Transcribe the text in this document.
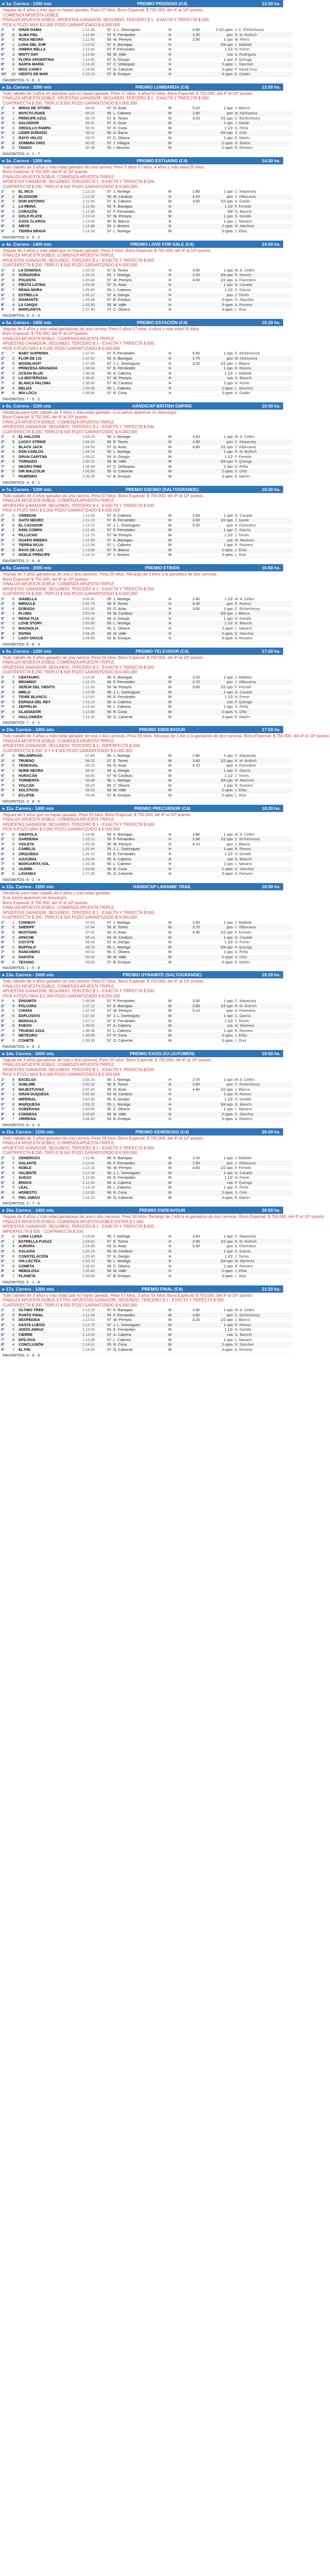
▸ 1a. Carrera - 1200 mts	PREMIO PRODIGIO (C4)	13:20 hs.
Yeguas de 4 años y más que no hayan ganado. Peso 57 kilos, Bono Especial: $ 750.000, del 4º al 10º puesto.
COMIENZA APUESTA DOBLE.
FINALIZA APUESTA DOBLE. APUESTAS GANADOR, SEGUNDO, TERCERO $ 1 - EXACTA Y TRIFECTA $ 500.
PICK 4 POZO MAX $ 5.000 POZO GARANTIZADO $ 6.000.000
1º	5	GRAN DAMA	1:12.34	57	J. L. Dominguez	H	4.60	2 1/2 cpos	J. C. Etchechoury
2º	8	ALMA FIEL	1:12.80	57	E. Fernández	H	3.20	pzo	R. M. Bullrich
3º	2	ROSA NEGRA	1:12.85	55	W. Pereyra	H	2.40	1 cpo	M. Pérez
4º	1	LUNA DEL SUR	1:13.02	57	K. Banegas	H		3/4 cpo	J. Maldotti
5º	9	OMBRA BELLA	1:13.40	57	F. Fernandes	H		1 1/2	N. Ferrer
6º	3	MISTY DAY	1:13.66	55	M. Valle	H		cza	A. Rodríguez
7º	6	FLORA ARGENTINA	1:13.90	57	A. Giorgis	H		1 cpo	P. Quiroga
8º	4	SANTA MARÍA	1:14.20	57	C. Velázquez	H		2 cpos	L. Sánchez
9º	7	MISS CANDY	1:14.66	57	G. Calvente	H		3 cpos	F. Santa Cruz
10º	10	VIENTO DE MAR	1:15.10	57	B. Enrique	H		4 cpos	E. Gaitán
FAVORITOS: 5 - 8 - 2
▸ 2a. Carrera - 1000 mts	PREMIO LOMBARDA (C4)	13:50 hs.
Todo caballo de 3 años en adelante que no hayan ganado. Peso 57 kilos, 3 años 55 kilos. Bono Especial: $ 750.000, del 4º al 10º puesto.
FINALIZA APUESTA DOBLE. APUESTAS GANADOR, SEGUNDO, TERCERO $ 1 - EXACTA Y TRIFECTA $ 500.
CUATRIFECTA $ 200. TRIPLO $ 500 POZO GARANTIZADO $ 6.000.000
1º	4	BRISA DE OTOÑO	58.41	57	O. Arias	M	5.10	1 cpo	J. Blanco
2º	7	INVICTO DUKE	58.62	55	L. Cabrera	M	2.60	pzo	M. Nishiyama
3º	1	PRÍNCIPE AZUL	58.70	57	E. Torres	M	3.10	1/2 cpo	C. Etchechoury
4º	9	SALVADOR	58.91	57	S. Sosa	M		1 cpo	J. Garde
5º	3	ORGULLO PAMPA	59.20	57	R. Coria	M		1 1/2	D. Peña
6º	6	LÍDER DORADO	59.41	55	A. Ibarra	M		3/4 cpo	S. Ortiz
7º	2	RAYO VELOZ	59.72	57	C. Olivera	M		1 cpo	E. Martín
8º	8	SOMBRA GRIS	60.05	57	J. Villagra	M		2 cpos	G. Bueno
9º	5	TANGO	60.38	55	I. Monzón	M		2 cpos	R. Romero
FAVORITOS: 4 - 1 - 7
▸ 3a. Carrera - 1200 mts	PREMIO ESTUARIO (C4)	14:20 hs.
Todo caballo de 3 años y más edad ganador de una carrera. Peso 5 años 57 kilos, 4 años y más edad 55 kilos.
Bono Especial: $ 750.000, del 4º al 10º puesto.
FINALIZA APUESTA DOBLE. COMIENZA APUESTA TRIPLE.
APUESTAS GANADOR, SEGUNDO, TERCERO $ 1 - EXACTA Y TRIFECTA $ 500.
CUATRIFECTA $ 200. TRIPLO $ 500 POZO GARANTIZADO $ 6.000.000
1º	6	EL INCA	1:12.10	57	J. Noriega	M	2.80	1 cpo	C. Mayansky
2º	2	BLOSSOM	1:12.32	55	M. Cardozo	H	4.10	pzo	J. Villanueva
3º	9	DON ANTONIO	1:12.40	57	A. Cabrera	M	3.50	1/2 cpo	A. Gaitán
4º	1	LA REINA	1:12.66	55	K. Banegas	H		1 1/2	F. Ferriolo
5º	5	CORAZÓN	1:12.90	57	F. Fernandes	M		3/4	G. Bianchi
6º	4	GOLD PLATE	1:13.14	57	W. Pereyra	M		1 cpo	N. Gentile
7º	7	OJOS CLAROS	1:13.40	55	R. Blanco	H		1 cpo	L. Navarro
8º	8	NIEVE	1:13.88	55	J. Alvarez	H		2 cpos	M. Martínez
9º	3	TIERRA BRAVA	1:14.30	57	L. Noriega	M		3 cpos	J. Elías
FAVORITOS: 6 - 9 - 2
▸ 4a. Carrera - 1400 mts	PREMIO LOVE FOR SALE (C4)	14:50 hs.
Yeguas de 3 años y más edad que no hayan ganado. Peso 5 kilos. Bono Especial: $ 750.000, del 4º al 10º puesto.
FINALIZA APUESTA DOBLE. COMIENZA APUESTA TRIPLE.
APUESTAS GANADOR, SEGUNDO, TERCERO $ 1 - EXACTA Y TRIFECTA $ 500.
CUATRIFECTA $ 200. TRIPLO $ 500 POZO GARANTIZADO $ 6.000.000
1º	3	LA DOMADA	1:25.02	57	E. Torres	H	3.90	1 cpo	M. A. Cellini
2º	5	SOÑADORA	1:25.24	55	J. Noriega	H	2.20	3/4 cpo	R. Ramos
3º	8	POLENTA	1:25.40	57	W. Pereyra	H	4.60	1/2 cpo	A. Fiorentino
4º	1	FIESTA LATINA	1:25.66	57	O. Arias	H		1 cpo	G. Casado
5º	7	REINA MORA	1:25.90	55	L. Cabrera	H		1 1/2	C. García
6º	2	ESTRELLA	1:26.12	57	A. Giorgis	H		pzo	J. Torres
7º	6	DIAMANTE	1:26.44	57	B. Enrique	H		2 cpos	D. Sánchez
8º	4	LA CHIQUI	1:26.90	55	M. Valle	H		3 cpos	A. Romero
9º	9	MARGARITA	1:27.40	57	C. Olivera	H		4 cpos	L. Ruiz
FAVORITOS: 3 - 5 - 8
▸ 5a. Carrera - 1600 mts	PREMIO ESTACIÓN (C4)	15:20 hs.
Yeguas de 4 años y más edad ganadoras de una carrera. Peso 5 años 57 kilos, 4 años y más edad 55 kilos.
Bono Especial: $ 750.000, del 4º al 10º puesto.
FINALIZA APUESTA DOBLE. COMIENZA APUESTA TRIPLE.
APUESTAS GANADOR, SEGUNDO, TERCERO $ 1 - EXACTA Y TRIFECTA $ 500.
PICK 4 POZO MAX $ 5.000 POZO GARANTIZADO $ 6.000.000
1º	7	BABY SUPREMA	1:37.41	57	F. Fernandes	H	5.40	1 cpo	C. Etchechoury
2º	2	FLOR DE LIS	1:37.62	55	K. Banegas	H	2.70	pzo	M. Nishiyama
3º	5	MOONLIGHT	1:37.80	57	J. L. Dominguez	H	3.20	1/2 cpo	J. Blanco
4º	1	PRINCESA GRANADA	1:38.04	57	E. Fernández	H		1 cpo	R. Ramos
5º	9	OCEAN BLUE	1:38.30	55	A. Cabrera	H		1 1/2	J. Maldotti
6º	3	LA MISTERIOSA	1:38.61	57	W. Pereyra	H		cza	G. Bianchi
7º	6	BLANCA PALOMA	1:38.90	57	M. Cardozo	H		1 cpo	N. Ferrer
8º	4	BELIZA	1:39.30	55	L. Cabrera	H		2 cpos	L. Sánchez
9º	8	MÍA LOCA	1:39.80	57	R. Coria	H		3 cpos	A. Gaitán
FAVORITOS: 7 - 5 - 2
▸ 6a. Carrera - 1100 mts	HÁNDICAP BRITISH EMPIRE	15:50 hs.
Hándicap para todo caballo de 4 años y más edad ganador. (Los pesos aparecen en descargo).
Bono Especial: $ 750.000, del 4º al 10º puesto.
FINALIZA APUESTA DOBLE. COMIENZA APUESTA TRIPLE.
APUESTAS GANADOR, SEGUNDO, TERCERO $ 1 - EXACTA Y TRIFECTA $ 500.
CUATRIFECTA $ 200. TRIPLO $ 500 POZO GARANTIZADO $ 6.000.000
1º	4	EL HALCÓN	1:04.20	58	J. Noriega	M	3.40	1 cpo	M. A. Cellini
2º	8	LUCKY STRIKE	1:04.42	56	E. Torres	M	2.90	pzo	C. Mayansky
3º	1	BLACK JACK	1:04.50	57	O. Arias	M	4.80	1/2 cpo	J. Villanueva
4º	6	DON CARLOS	1:04.74	55	L. Noriega	M		1 cpo	R. M. Bullrich
5º	3	GRAN CAPITÁN	1:05.01	54	A. Giorgis	M		1 1/2	F. Ferriolo
6º	9	TORNADO	1:05.22	56	M. Valle	M		3/4 cpo	P. Quiroga
7º	2	NEGRO PIBE	1:05.48	57	C. Velázquez	M		1 cpo	D. Peña
8º	5	SIR MALCOLM	1:05.90	55	G. Calvente	M		2 cpos	S. Ortiz
9º	7	PAMPERO	1:06.30	57	B. Enrique	M		3 cpos	E. Martín
FAVORITOS: 4 - 8 - 1
▸ 7a. Carrera - 1200 mts	PREMIO ENCINO (SALTOGRANDE)	16:20 hs.
Todo caballo de 4 años ganador de una carrera. Peso 57 kilos. Bono Especial: $ 750.000, del 4º al 10º puesto.
FINALIZA APUESTA DOBLE. COMIENZA APUESTA TRIPLE.
APUESTAS GANADOR, SEGUNDO, TERCERO $ 1 - EXACTA Y TRIFECTA $ 500.
PICK 4 POZO MAX $ 5.000 POZO GARANTIZADO $ 6.000.000
1º	2	CRIMSON	1:11.92	57	A. Cabrera	M	2.60	1 cpo	G. Casado
2º	6	GATO NEGRO	1:12.13	57	E. Fernández	M	3.90	1/2 cpo	J. Garde
3º	9	EL CAZADOR	1:12.21	57	J. L. Dominguez	M	5.20	pzo	A. Fiorentino
4º	1	KING COBRA	1:12.46	57	F. Fernandes	M		1 cpo	C. García
5º	4	PILLUCHO	1:12.70	57	W. Pereyra	M		1 1/2	J. Torres
6º	7	GUAPO RIBERA	1:12.99	57	K. Banegas	M		cza	M. Martínez
7º	3	TIERRA ROJA	1:13.30	57	L. Cabrera	M		1 cpo	R. Romero
8º	8	RAYO DE LUZ	1:13.66	57	R. Blanco	M		2 cpos	J. Elías
9º	5	NOBLE PRÍNCIPE	1:14.10	57	J. Alvarez	M		3 cpos	L. Ruiz
FAVORITOS: 2 - 6 - 9
▸ 8a. Carrera - 2000 mts	PREMIO ETIKEN	16:50 hs.
Yeguas de 3 años ganadoras de una o dos carreras. Peso 55 kilos. Recargo de 3 kilos a la ganadora de dos carreras.
Bono Especial: $ 750.000, del 4º al 10º puesto.
FINALIZA APUESTA DOBLE. COMIENZA APUESTA TRIPLE.
APUESTAS GANADOR, SEGUNDO, TERCERO $ 1 - EXACTA Y TRIFECTA $ 500.
CUATRIFECTA $ 200. TRIPLO $ 500 POZO GARANTIZADO $ 6.000.000
1º	5	ISABELLA	2:02.41	55	J. Noriega	H	2.40	1 1/2	M. A. Cellini
2º	3	MIRACLE	2:02.73	58	E. Torres	H	4.30	pzo	R. Ramos
3º	8	DORADA	2:02.80	55	O. Arias	H	3.60	1 cpo	C. Etchechoury
4º	1	PLUMA	2:03.04	55	M. Cardozo	H		3/4 cpo	J. Blanco
5º	6	REINA FIJA	2:03.30	58	A. Giorgis	H		1 cpo	N. Gentile
6º	2	LOVE STORY	2:03.66	55	L. Noriega	H		1 1/2	G. Bianchi
7º	9	MAGNOLIA	2:04.01	55	C. Olivera	H		2 cpos	L. Navarro
8º	4	DIVINA	2:04.40	55	M. Valle	H		2 cpos	D. Sánchez
9º	7	LADY GRACE	2:04.90	55	B. Enrique	H		3 cpos	A. Romero
FAVORITOS: 5 - 8 - 3
▸ 9a. Carrera - 1200 mts	PREMIO TELEVISOR (C4)	17:20 hs.
Todo caballo de 3 años ganador de una carrera. Peso 56 kilos. Bono Especial: $ 750.000, del 4º al 10º puesto.
FINALIZA APUESTA DOBLE. COMIENZA APUESTA TRIPLE.
APUESTAS GANADOR, SEGUNDO, TERCERO $ 1 - EXACTA Y TRIFECTA $ 500.
CUATRIFECTA $ 200. TRIPLO $ 500 POZO GARANTIZADO $ 6.000.000
1º	7	CENTAURO	1:12.02	56	K. Banegas	M	3.10	1 cpo	J. Maldotti
2º	4	BRAMIDO	1:12.23	56	F. Fernandes	M	2.70	pzo	J. Villanueva
3º	1	SEÑOR DEL VIENTO	1:12.30	56	W. Pereyra	M	5.60	1/2 cpo	F. Ferriolo
4º	9	MIRLO	1:12.55	56	J. L. Dominguez	M		1 cpo	G. Casado
5º	2	TIGRE BLANCO	1:12.81	56	E. Fernández	M		1 1/2	N. Ferrer
6º	5	ESPADA DEL REY	1:13.10	56	A. Cabrera	M		cza	P. Quiroga
7º	8	ZEPPELIN	1:13.44	56	L. Cabrera	M		1 cpo	D. Peña
8º	6	GLADIADOR	1:13.80	56	R. Coria	M		2 cpos	S. Ortiz
9º	3	HALLOWEEN	1:14.30	56	G. Calvente	M		3 cpos	E. Martín
FAVORITOS: 7 - 4 - 1
▸ 10a. Carrera - 1000 mts	PREMIO ENDEAVOUR	17:50 hs.
Todo caballo de 4 años y más edad ganador de una o dos carreras. Peso 56 kilos. Recargo de 1 kilo a la ganadora de dos carreras. Bono Especial: $ 750.000, del 4º al 10º puesto.
FINALIZA APUESTA DOBLE. COMIENZA APUESTA TRIPLE.
APUESTAS GANADOR, SEGUNDO, TERCERO $ 1 - IMPERFECTA $ 500.
CUATRIFECTA $ 200. S Y 6 $ 500 POZO GARANTIZADO $ 6.000.000
1º	3	RELÁMPAGO	57.80	56	J. Noriega	M	2.90	1 cpo	C. Mayansky
2º	8	TRUENO	58.02	57	E. Torres	M	3.40	1/2 cpo	R. M. Bullrich
3º	5	VENDAVAL	58.10	56	O. Arias	M	4.70	pzo	A. Fiorentino
4º	1	NUBE NEGRA	58.31	56	A. Giorgis	M		1 cpo	C. García
5º	6	HURACÁN	58.60	57	M. Cardozo	M		1 1/2	J. Torres
6º	2	TORMENTA	58.88	56	L. Noriega	M		3/4 cpo	M. Martínez
7º	9	VOLCÁN	59.20	56	C. Olivera	M		1 cpo	R. Romero
8º	4	SOLSTICIO	59.55	56	M. Valle	M		2 cpos	J. Elías
9º	7	ECLIPSE	59.90	57	B. Enrique	M		2 cpos	L. Ruiz
FAVORITOS: 3 - 8 - 5
▸ 11a. Carrera - 1400 mts	PREMIO PRECURSOR (C4)	18:20 hs.
Yeguas de 3 años que no hayan ganado. Peso 55 kilos. Bono Especial: $ 750.000, del 4º al 10º puesto.
FINALIZA APUESTA DOBLE. COMIENZA APUESTA TRIPLE.
APUESTAS GANADOR, SEGUNDO, TERCERO $ 1 - EXACTA Y TRIFECTA $ 500.
PICK 4 POZO MAX $ 5.000 POZO GARANTIZADO $ 6.000.000
1º	6	AMAPOLA	1:24.90	55	K. Banegas	H	3.80	1 cpo	M. A. Cellini
2º	2	GARDENIA	1:25.11	55	F. Fernandes	H	2.30	1/2 cpo	C. Etchechoury
3º	9	VIOLETA	1:25.20	55	W. Pereyra	H	4.10	pzo	J. Blanco
4º	1	CAMELIA	1:25.44	55	J. L. Dominguez	H		1 cpo	R. Ramos
5º	4	ORQUÍDEA	1:25.70	55	E. Fernández	H		1 1/2	N. Gentile
6º	7	AZUCENA	1:26.00	55	A. Cabrera	H		cza	G. Bianchi
7º	3	MARGARITA SOL	1:26.34	55	L. Cabrera	H		1 cpo	L. Navarro
8º	5	JAZMÍN	1:26.80	55	R. Coria	H		2 cpos	D. Sánchez
9º	8	LAVANDA	1:27.30	55	G. Calvente	H		3 cpos	A. Romero
FAVORITOS: 6 - 2 - 9
▸ 12a. Carrera - 1000 mts	HÁNDICAP LARAMIE TRAIL	18:50 hs.
Hándicap para todo caballo de 4 años y más edad ganador.
(Los pesos aparecen en descargo).
Bono Especial: $ 750.000, del 4º al 10º puesto.
FINALIZA APUESTA DOBLE. COMIENZA APUESTA TRIPLE.
APUESTAS GANADOR, SEGUNDO, TERCERO $ 1 - EXACTA Y TRIFECTA $ 500.
CUATRIFECTA $ 200. TRIPLO $ 500 POZO GARANTIZADO $ 6.000.000
1º	1	COWBOY	57.62	57	J. Noriega	M	2.50	1 cpo	J. Maldotti
2º	5	SHERIFF	57.84	55	E. Torres	M	3.70	pzo	J. Villanueva
3º	8	MUSTANG	57.91	56	O. Arias	M	4.90	1/2 cpo	F. Ferriolo
4º	3	APACHE	58.14	54	M. Cardozo	M		1 cpo	G. Casado
5º	7	COYOTE	58.40	57	A. Giorgis	M		1 1/2	N. Ferrer
6º	2	BUFFALO	58.70	55	L. Noriega	M		3/4 cpo	P. Quiroga
7º	9	RANCHERO	59.01	56	C. Olivera	M		1 cpo	D. Peña
8º	4	DAKOTA	59.40	55	M. Valle	M		2 cpos	S. Ortiz
9º	6	TEXANO	59.80	57	B. Enrique	M		3 cpos	E. Martín
FAVORITOS: 1 - 5 - 8
▸ 13a. Carrera - 1600 mts	PREMIO DYNAMITE (SALTOGRANDE)	19:20 hs.
Todo caballo de 4 años ganador de una carrera. Peso 57 kilos. Bono Especial: $ 750.000, del 4º al 10º puesto.
FINALIZA APUESTA DOBLE. COMIENZA APUESTA TRIPLE.
APUESTAS GANADOR, SEGUNDO, TERCERO $ 1 - EXACTA Y TRIFECTA $ 500.
PICK 4 POZO MAX $ 5.000 POZO GARANTIZADO $ 6.000.000
1º	4	DINAMITA	1:36.90	57	F. Fernandes	M	3.30	1 cpo	C. Mayansky
2º	9	PÓLVORA	1:37.12	57	K. Banegas	M	2.80	1/2 cpo	R. M. Bullrich
3º	2	CHISPA	1:37.20	57	W. Pereyra	M	5.10	pzo	A. Fiorentino
4º	6	EXPLOSIVO	1:37.44	57	J. L. Dominguez	M		1 cpo	C. García
5º	1	BENGALA	1:37.71	57	E. Fernández	M		1 1/2	J. Torres
6º	8	FUEGO	1:38.02	57	A. Cabrera	M		cza	M. Martínez
7º	3	TRUENO AZUL	1:38.36	57	L. Cabrera	M		1 cpo	R. Romero
8º	7	METEORO	1:38.80	57	R. Coria	M		2 cpos	J. Elías
9º	5	COHETE	1:39.30	57	G. Calvente	M		3 cpos	L. Ruiz
FAVORITOS: 4 - 9 - 2
▸ 14a. Carrera - 2000 mts	PREMIO EXCELSO (JUTUMEN)	19:50 hs.
Yeguas de 3 años ganadoras de una o dos carreras. Peso 55 kilos. Bono Especial: $ 750.000, del 4º al 10º puesto.
FINALIZA APUESTA DOBLE. COMIENZA APUESTA TRIPLE.
APUESTAS GANADOR, SEGUNDO, TERCERO $ 1 - EXACTA Y TRIFECTA $ 500.
PICK 4 POZO MAX $ 5.000 POZO GARANTIZADO $ 6.000.000
1º	8	EXCELSA	2:02.10	55	J. Noriega	H	2.70	1 cpo	M. A. Cellini
2º	3	SUBLIME	2:02.32	55	E. Torres	H	3.90	pzo	C. Etchechoury
3º	6	MAJESTUOSA	2:02.40	55	O. Arias	H	4.40	1/2 cpo	J. Blanco
4º	1	GRAN DUQUESA	2:02.63	55	M. Cardozo	H		1 cpo	R. Ramos
5º	5	IMPERIAL	2:02.90	55	A. Giorgis	H		1 1/2	N. Gentile
6º	9	MARQUESA	2:03.22	55	L. Noriega	H		3/4 cpo	G. Bianchi
7º	2	SOBERANA	2:03.55	55	C. Olivera	H		1 cpo	L. Navarro
8º	4	CONDESA	2:03.90	55	M. Valle	H		2 cpos	D. Sánchez
9º	7	VIRREINA	2:04.40	55	B. Enrique	H		3 cpos	A. Romero
FAVORITOS: 8 - 3 - 6
▸ 15a. Carrera - 1200 mts	PREMIO GENEROSO (C4)	20:20 hs.
Todo caballo de 3 años ganador de una carrera. Peso 56 kilos. Bono Especial: $ 750.000, del 4º al 10º puesto.
FINALIZA APUESTA DOBLE. COMIENZA APUESTA TRIPLE.
APUESTAS GANADOR, SEGUNDO, TERCERO $ 1 - EXACTA Y TRIFECTA $ 500.
CUATRIFECTA $ 200. TRIPLO $ 500 POZO GARANTIZADO $ 6.000.000
1º	2	GENEROSO	1:11.80	56	K. Banegas	M	3.20	1 cpo	J. Maldotti
2º	7	GALANTE	1:12.02	56	F. Fernandes	M	2.90	pzo	J. Villanueva
3º	4	NOBLE	1:12.10	56	W. Pereyra	M	4.60	1/2 cpo	F. Ferriolo
4º	9	VALIENTE	1:12.34	56	J. L. Dominguez	M		1 cpo	G. Casado
5º	1	AUDAZ	1:12.60	56	E. Fernández	M		1 1/2	N. Ferrer
6º	5	BRAVO	1:12.92	56	A. Cabrera	M		cza	P. Quiroga
7º	3	LEAL	1:13.24	56	L. Cabrera	M		1 cpo	D. Peña
8º	8	HONESTO	1:13.60	56	R. Coria	M		2 cpos	S. Ortiz
9º	6	FIEL AMIGO	1:14.10	56	G. Calvente	M		3 cpos	E. Martín
FAVORITOS: 2 - 7 - 4
▸ 16a. Carrera - 1400 mts	PREMIO ENDEAVOUR	20:50 hs.
Yeguas de 4 años y más edad ganadoras de una o dos carreras. Peso 56 kilos. Recargo de 1 kilo a la ganadora de dos carreras. Bono Especial: $ 750.000, del 4º al 10º puesto.
FINALIZA APUESTA DOBLE. COMIENZA APUESTA DOBLE-EXTRA $ 1.000.
APUESTAS GANADOR, SEGUNDO, TERCERO $ 1 - EXACTA Y TRIFECTA $ 500.
IMPERFECTA $ 500 - CUATRIFECTA $ 200.
1º	5	LUNA LLENA	1:24.60	56	J. Noriega	H	3.60	1 cpo	C. Mayansky
2º	1	ESTRELLA FUGAZ	1:24.82	57	E. Torres	H	2.40	1/2 cpo	R. M. Bullrich
3º	8	AURORA	1:24.90	56	O. Arias	H	5.30	pzo	A. Fiorentino
4º	3	GALAXIA	1:25.14	56	M. Cardozo	H		1 cpo	C. García
5º	6	CONSTELACIÓN	1:25.40	57	A. Giorgis	H		1 1/2	J. Torres
6º	2	VÍA LÁCTEA	1:25.72	56	L. Noriega	H		3/4 cpo	M. Martínez
7º	9	COMETA	1:26.02	56	C. Olivera	H		1 cpo	R. Romero
8º	4	NEBULOSA	1:26.40	56	M. Valle	H		2 cpos	J. Elías
9º	7	PLANETA	1:26.90	57	B. Enrique	H		3 cpos	L. Ruiz
FAVORITOS: 5 - 1 - 8
▸ 17a. Carrera - 1200 mts	PREMIO FINAL (C4)	21:20 hs.
Todo caballo de 3 años y más edad que no hayan ganado. Peso 57 kilos, 3 años 55 kilos. Bono Especial: $ 750.000, del 4º al 10º puesto.
FINALIZA APUESTA DOBLE-EXTRA. APUESTAS GANADOR, SEGUNDO, TERCERO $ 1 - EXACTA Y TRIFECTA $ 500.
CUATRIFECTA $ 200. TRIPLO $ 500 POZO GARANTIZADO $ 6.000.000
1º	3	ÚLTIMO TREN	1:12.22	57	K. Banegas	M	2.80	1 cpo	M. A. Cellini
2º	9	PUNTO FINAL	1:12.44	55	F. Fernandes	M	3.50	pzo	C. Etchechoury
3º	6	DESPEDIDA	1:12.51	57	W. Pereyra	M	4.20	1/2 cpo	J. Blanco
4º	1	HASTA LUEGO	1:12.75	57	J. L. Dominguez	M		1 cpo	R. Ramos
5º	5	ADIÓS AMIGO	1:13.02	55	E. Fernández	M		1 1/2	N. Gentile
6º	2	CIERRE	1:13.33	57	A. Cabrera	M		cza	G. Bianchi
7º	8	EPÍLOGO	1:13.66	57	L. Cabrera	M		1 cpo	L. Navarro
8º	4	CONCLUSIÓN	1:14.01	55	R. Coria	M		2 cpos	D. Sánchez
9º	7	EL FIN	1:14.50	57	G. Calvente	M		3 cpos	A. Romero
FAVORITOS: 3 - 9 - 6
